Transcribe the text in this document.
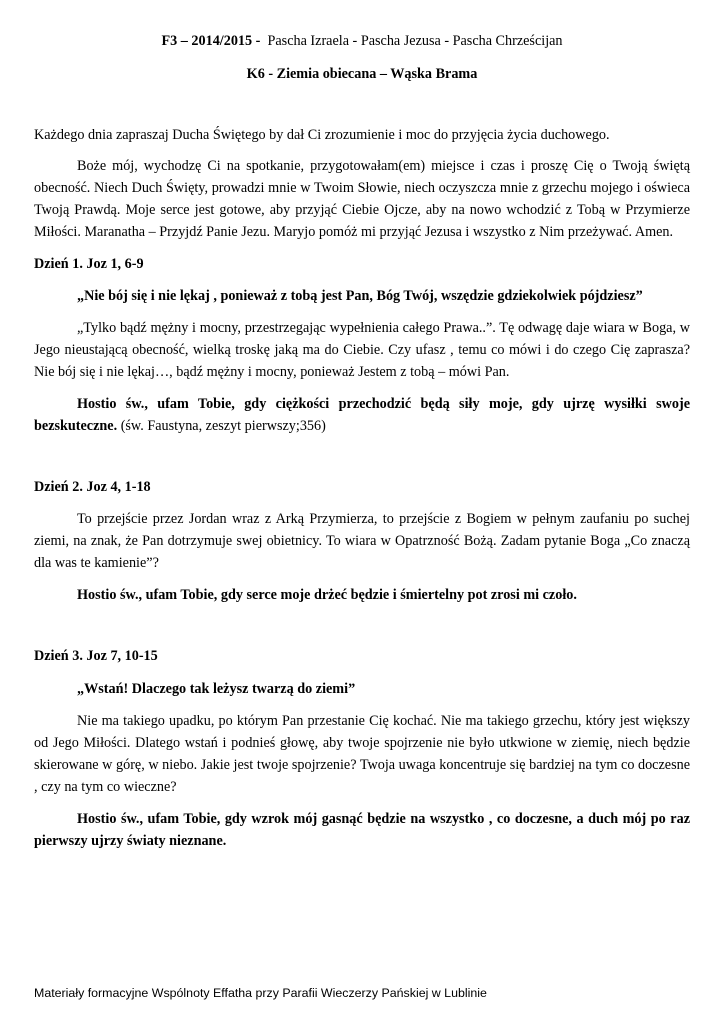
F3 – 2014/2015 - Pascha Izraela - Pascha Jezusa - Pascha Chrześcijan

K6 - Ziemia obiecana – Wąska Brama

Każdego dnia zapraszaj Ducha Świętego by dał Ci zrozumienie i moc do przyjęcia życia duchowego.

Boże mój, wychodzę Ci na spotkanie, przygotowałam(em) miejsce i czas i proszę Cię o Twoją świętą obecność. Niech Duch Święty, prowadzi mnie w Twoim Słowie, niech oczyszcza mnie z grzechu mojego i oświeca Twoją Prawdą. Moje serce jest gotowe, aby przyjąć Ciebie Ojcze, aby na nowo wchodzić z Tobą w Przymierze Miłości. Maranatha – Przyjdź Panie Jezu. Maryjo pomóż mi przyjąć Jezusa i wszystko z Nim przeżywać. Amen.

Dzień 1. Joz 1, 6-9

„Nie bój się i nie lękaj , ponieważ z tobą jest Pan, Bóg Twój, wszędzie gdziekolwiek pójdziesz”

„Tylko bądź mężny i mocny, przestrzegając wypełnienia całego Prawa..”. Tę odwagę daje wiara w Boga, w Jego nieustającą obecność, wielką troskę jaką ma do Ciebie. Czy ufasz , temu co mówi i do czego Cię zaprasza? Nie bój się i nie lękaj…, bądź mężny i mocny, ponieważ Jestem z tobą – mówi Pan.

Hostio św., ufam Tobie, gdy ciężkości przechodzić będą siły moje, gdy ujrzę wysiłki swoje bezskuteczne. (św. Faustyna, zeszyt pierwszy;356)

Dzień 2. Joz 4, 1-18

To przejście przez Jordan wraz z Arką Przymierza, to przejście z Bogiem w pełnym zaufaniu po suchej ziemi, na znak, że Pan dotrzymuje swej obietnicy. To wiara w Opatrzność Bożą. Zadam pytanie Boga „Co znaczą dla was te kamienie”?

Hostio św., ufam Tobie, gdy serce moje drżeć będzie i śmiertelny pot zrosi mi czoło.

Dzień 3. Joz 7, 10-15

„Wstań! Dlaczego tak leżysz twarzą do ziemi”

Nie ma takiego upadku, po którym Pan przestanie Cię kochać. Nie ma takiego grzechu, który jest większy od Jego Miłości. Dlatego wstań i podnieś głowę, aby twoje spojrzenie nie było utkwione w ziemię, niech będzie skierowane w górę, w niebo. Jakie jest twoje spojrzenie? Twoja uwaga koncentruje się bardziej na tym co doczesne , czy na tym co wieczne?

Hostio św., ufam Tobie, gdy wzrok mój gasnąć będzie na wszystko , co doczesne, a duch mój po raz pierwszy ujrzy światy nieznane.

Materiały formacyjne Wspólnoty Effatha przy Parafii Wieczerzy Pańskiej w Lublinie
